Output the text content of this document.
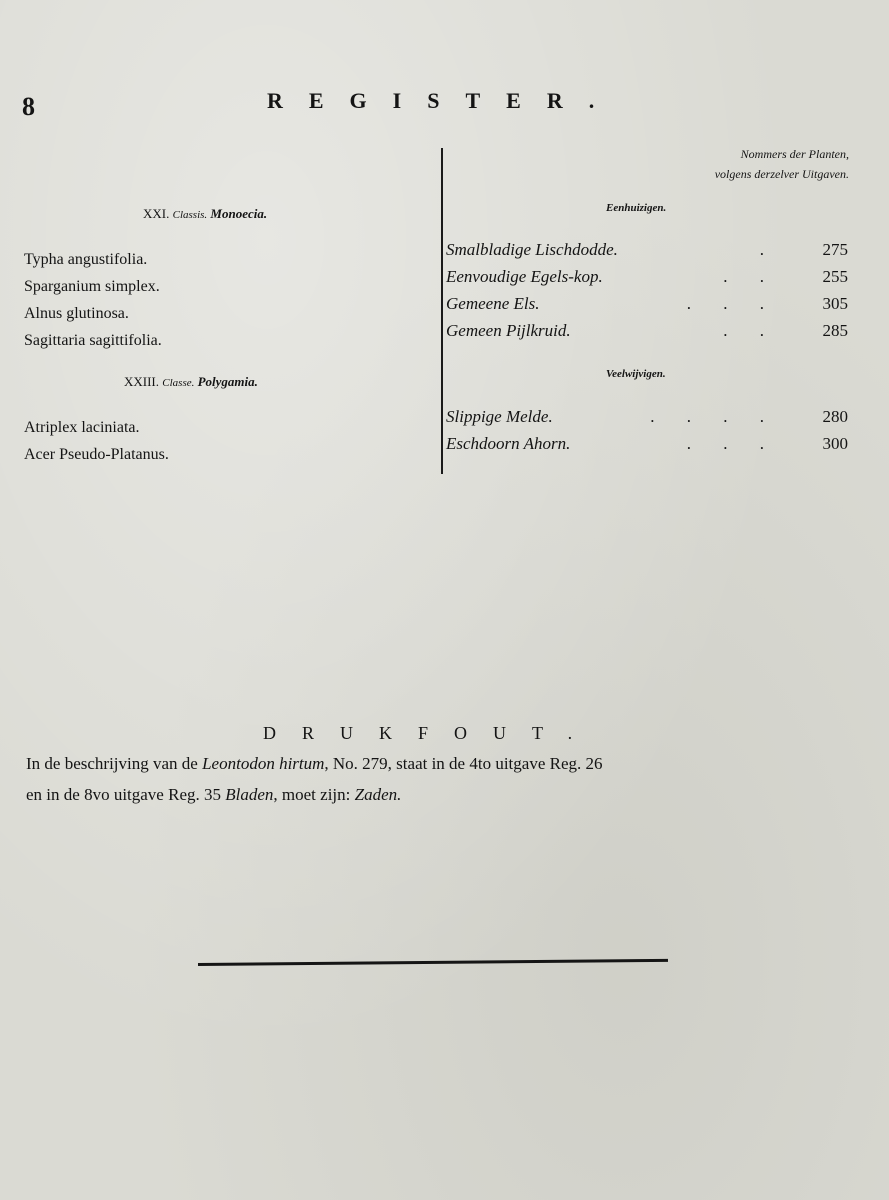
8	REGISTER.
Nommers der Planten,
volgens derzelver Uitgaven.
XXI. Classis. Monoecia.
Typha angustifolia.
Sparganium simplex.
Alnus glutinosa.
Sagittaria sagittifolia.
XXIII. Classe. Polygamia.
Atriplex laciniata.
Acer Pseudo-Platanus.
Eenhuizigen.
Smalbladige Lischdodde.	.	275
Eenvoudige Egels-kop.	. .	255
Gemeene Els.	. . .	305
Gemeen Pijlkruid.	. .	285
Veelwijvigen.
Slippige Melde.	. . . .	280
Eschdoorn Ahorn.	. . .	300
DRUKFOUT.
In de beschrijving van de Leontodon hirtum, No. 279, staat in de 4to uitgave Reg. 26
en in de 8vo uitgave Reg. 35 Bladen, moet zijn: Zaden.
